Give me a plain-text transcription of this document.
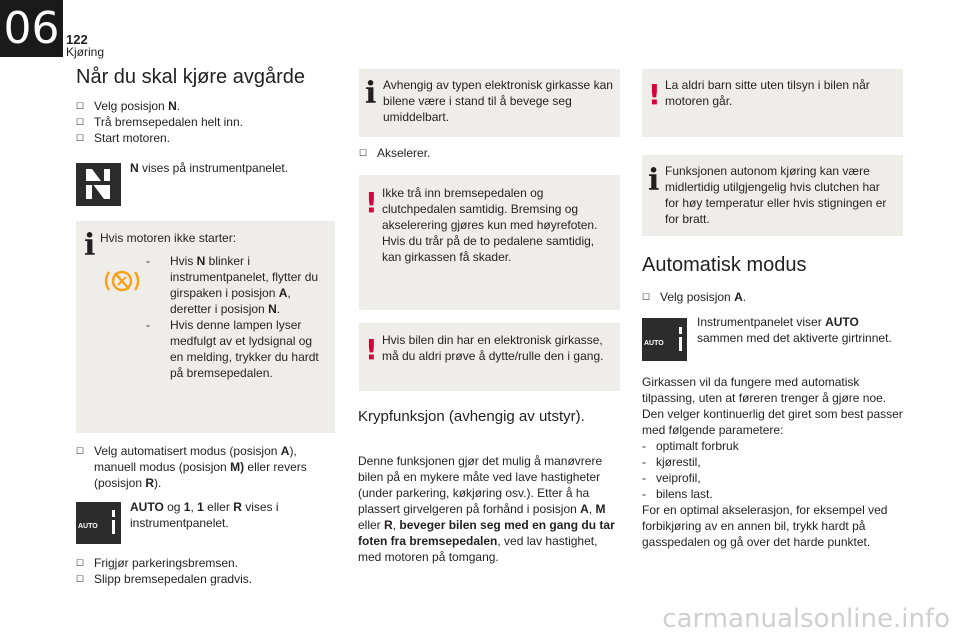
06 122
Kjøring
Når du skal kjøre avgårde
☐ Velg posisjon N.
☐ Trå bremsepedalen helt inn.
☐ Start motoren.
N vises på instrumentpanelet.
i Hvis motoren ikke starter:
- Hvis N blinker i instrumentpanelet, flytter du girspaken i posisjon A, deretter i posisjon N.
- Hvis denne lampen lyser medfulgt av et lydsignal og en melding, trykker du hardt på bremsepedalen.
☐ Velg automatisert modus (posisjon A), manuell modus (posisjon M) eller revers (posisjon R).
AUTO
AUTO og 1, 1 eller R vises i instrumentpanelet.
☐ Frigjør parkeringsbremsen.
☐ Slipp bremsepedalen gradvis.
i Avhengig av typen elektronisk girkasse kan bilene være i stand til å bevege seg umiddelbart.
☐ Akselerer.
! Ikke trå inn bremsepedalen og clutchpedalen samtidig. Bremsing og akselerering gjøres kun med høyrefoten. Hvis du trår på de to pedalene samtidig, kan girkassen få skader.
! Hvis bilen din har en elektronisk girkasse, må du aldri prøve å dytte/rulle den i gang.
Krypfunksjon (avhengig av utstyr).
Denne funksjonen gjør det mulig å manøvrere bilen på en mykere måte ved lave hastigheter (under parkering, køkjøring osv.). Etter å ha plassert girvelgeren på forhånd i posisjon A, M eller R, beveger bilen seg med en gang du tar foten fra bremsepedalen, ved lav hastighet, med motoren på tomgang.
! La aldri barn sitte uten tilsyn i bilen når motoren går.
i Funksjonen autonom kjøring kan være midlertidig utilgjengelig hvis clutchen har for høy temperatur eller hvis stigningen er for bratt.
Automatisk modus
☐ Velg posisjon A.
AUTO
Instrumentpanelet viser AUTO sammen med det aktiverte girtrinnet.
Girkassen vil da fungere med automatisk tilpassing, uten at føreren trenger å gjøre noe. Den velger kontinuerlig det giret som best passer med følgende parametere:
- optimalt forbruk
- kjørestil,
- veiprofil,
- bilens last.
For en optimal akselerasjon, for eksempel ved forbikjøring av en annen bil, trykk hardt på gasspedalen og gå over det harde punktet.
carmanualsonline.info
